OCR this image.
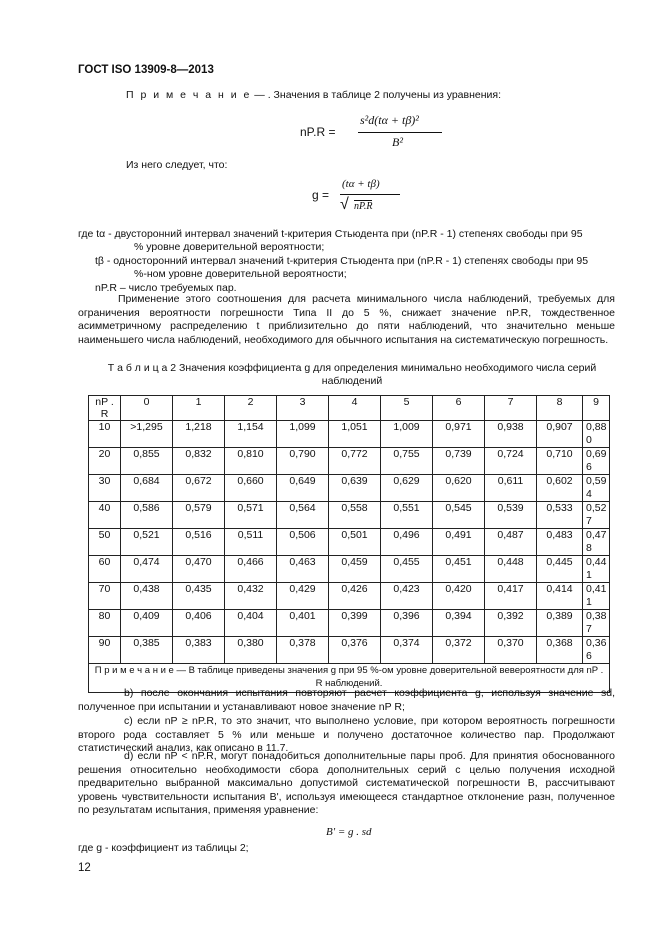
ГОСТ ISO 13909-8—2013
П р и м е ч а н и е — . Значения в таблице 2 получены из уравнения:
nP.R =
s²d(tα + tβ)²
B²
Из него следует, что:
g =
(tα + tβ)
√ nP.R
где tα - двусторонний интервал значений t-критерия Стьюдента при (nP.R - 1) степенях свободы при 95
% уровне доверительной вероятности;
tβ - односторонний интервал значений t-критерия Стьюдента при (nP.R - 1) степенях свободы при 95
%-ном уровне доверительной вероятности;
nP.R – число требуемых пар.
Применение этого соотношения для расчета минимального числа наблюдений, требуемых для ограничения вероятности погрешности Типа II до 5 %, снижает значение nP.R, тождественное асимметричному распределению t приблизительно до пяти наблюдений, что значительно меньше наименьшего числа наблюдений, необходимого для обычного испытания на систематическую погрешность.
Т а б л и ц а 2 Значения коэффициента g для определения минимально необходимого числа серий наблюдений
nP . R	0	1	2	3	4	5	6	7	8	9
10	>1,295	1,218	1,154	1,099	1,051	1,009	0,971	0,938	0,907	0,880
20	0,855	0,832	0,810	0,790	0,772	0,755	0,739	0,724	0,710	0,696
30	0,684	0,672	0,660	0,649	0,639	0,629	0,620	0,611	0,602	0,594
40	0,586	0,579	0,571	0,564	0,558	0,551	0,545	0,539	0,533	0,527
50	0,521	0,516	0,511	0,506	0,501	0,496	0,491	0,487	0,483	0,478
60	0,474	0,470	0,466	0,463	0,459	0,455	0,451	0,448	0,445	0,441
70	0,438	0,435	0,432	0,429	0,426	0,423	0,420	0,417	0,414	0,411
80	0,409	0,406	0,404	0,401	0,399	0,396	0,394	0,392	0,389	0,387
90	0,385	0,383	0,380	0,378	0,376	0,374	0,372	0,370	0,368	0,366
П р и м е ч а н и е — В таблице приведены значения g при 95 %-ом уровне доверительной вевероятности для nP . R наблюдений.										
b) после окончания испытания повторяют расчет коэффициента g, используя значение sd, полученное при испытании и устанавливают новое значение nP R;
c) если nP ≥ nP.R, то это значит, что выполнено условие, при котором вероятность погрешности второго рода составляет 5 % или меньше и получено достаточное количество пар. Продолжают статистический анализ, как описано в 11.7.
d) если nP < nP.R, могут понадобиться дополнительные пары проб. Для принятия обоснованного решения относительно необходимости сбора дополнительных серий с целью получения исходной предварительно выбранной максимально допустимой систематической погрешности B, рассчитывают уровень чувствительности испытания B', используя имеющееся стандартное отклонение разн, полученное по результатам испытания, применяя уравнение:
B' = g . sd
где g - коэффициент из таблицы 2;
12
